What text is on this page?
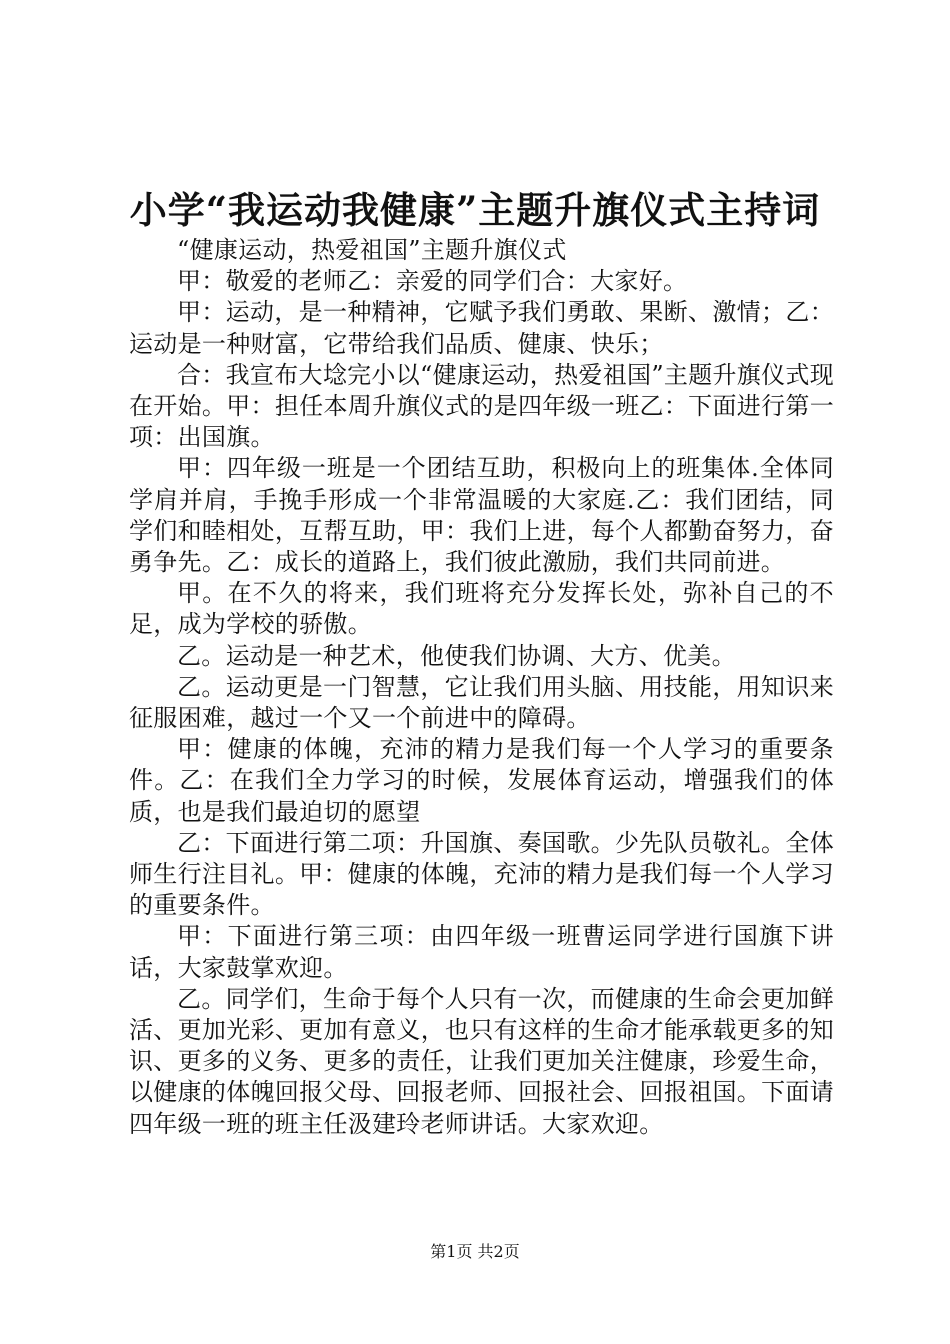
小学“我运动我健康”主题升旗仪式主持词

“健康运动，热爱祖国”主题升旗仪式

甲：敬爱的老师乙：亲爱的同学们合：大家好。

甲：运动，是一种精神，它赋予我们勇敢、果断、激情；乙：运动是一种财富，它带给我们品质、健康、快乐；

合：我宣布大埝完小以“健康运动，热爱祖国”主题升旗仪式现在开始。甲：担任本周升旗仪式的是四年级一班乙：下面进行第一项：出国旗。

甲：四年级一班是一个团结互助，积极向上的班集体.全体同学肩并肩，手挽手形成一个非常温暖的大家庭.乙：我们团结，同学们和睦相处，互帮互助，甲：我们上进，每个人都勤奋努力，奋勇争先。乙：成长的道路上，我们彼此激励，我们共同前进。

甲。在不久的将来，我们班将充分发挥长处，弥补自己的不足，成为学校的骄傲。

乙。运动是一种艺术，他使我们协调、大方、优美。

乙。运动更是一门智慧，它让我们用头脑、用技能，用知识来征服困难，越过一个又一个前进中的障碍。

甲：健康的体魄，充沛的精力是我们每一个人学习的重要条件。乙：在我们全力学习的时候，发展体育运动，增强我们的体质，也是我们最迫切的愿望

乙：下面进行第二项：升国旗、奏国歌。少先队员敬礼。全体师生行注目礼。甲：健康的体魄，充沛的精力是我们每一个人学习的重要条件。

甲：下面进行第三项：由四年级一班曹运同学进行国旗下讲话，大家鼓掌欢迎。

乙。同学们，生命于每个人只有一次，而健康的生命会更加鲜活、更加光彩、更加有意义，也只有这样的生命才能承载更多的知识、更多的义务、更多的责任，让我们更加关注健康，珍爱生命，以健康的体魄回报父母、回报老师、回报社会、回报祖国。下面请四年级一班的班主任汲建玲老师讲话。大家欢迎。

第1页 共2页
